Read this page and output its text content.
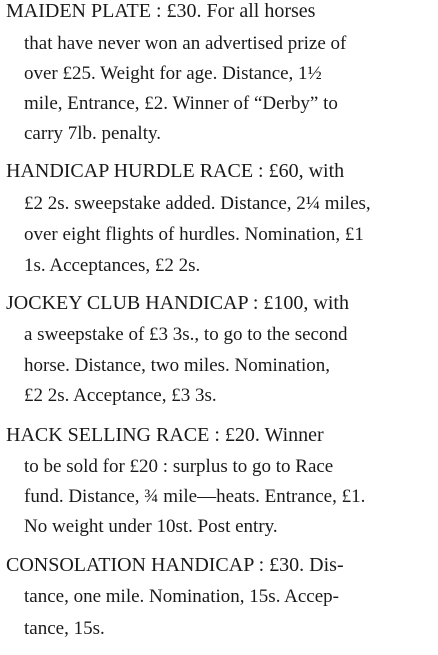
MAIDEN PLATE : £30. For all horses
that have never won an advertised prize of
over £25. Weight for age. Distance, 1½
mile, Entrance, £2. Winner of “Derby” to
carry 7lb. penalty.
HANDICAP HURDLE RACE : £60, with
£2 2s. sweepstake added. Distance, 2¼ miles,
over eight flights of hurdles. Nomination, £1
1s. Acceptances, £2 2s.
JOCKEY CLUB HANDICAP : £100, with
a sweepstake of £3 3s., to go to the second
horse. Distance, two miles. Nomination,
£2 2s. Acceptance, £3 3s.
HACK SELLING RACE : £20. Winner
to be sold for £20 : surplus to go to Race
fund. Distance, ¾ mile—heats. Entrance, £1.
No weight under 10st. Post entry.
CONSOLATION HANDICAP : £30. Dis-
tance, one mile. Nomination, 15s. Accep-
tance, 15s.
